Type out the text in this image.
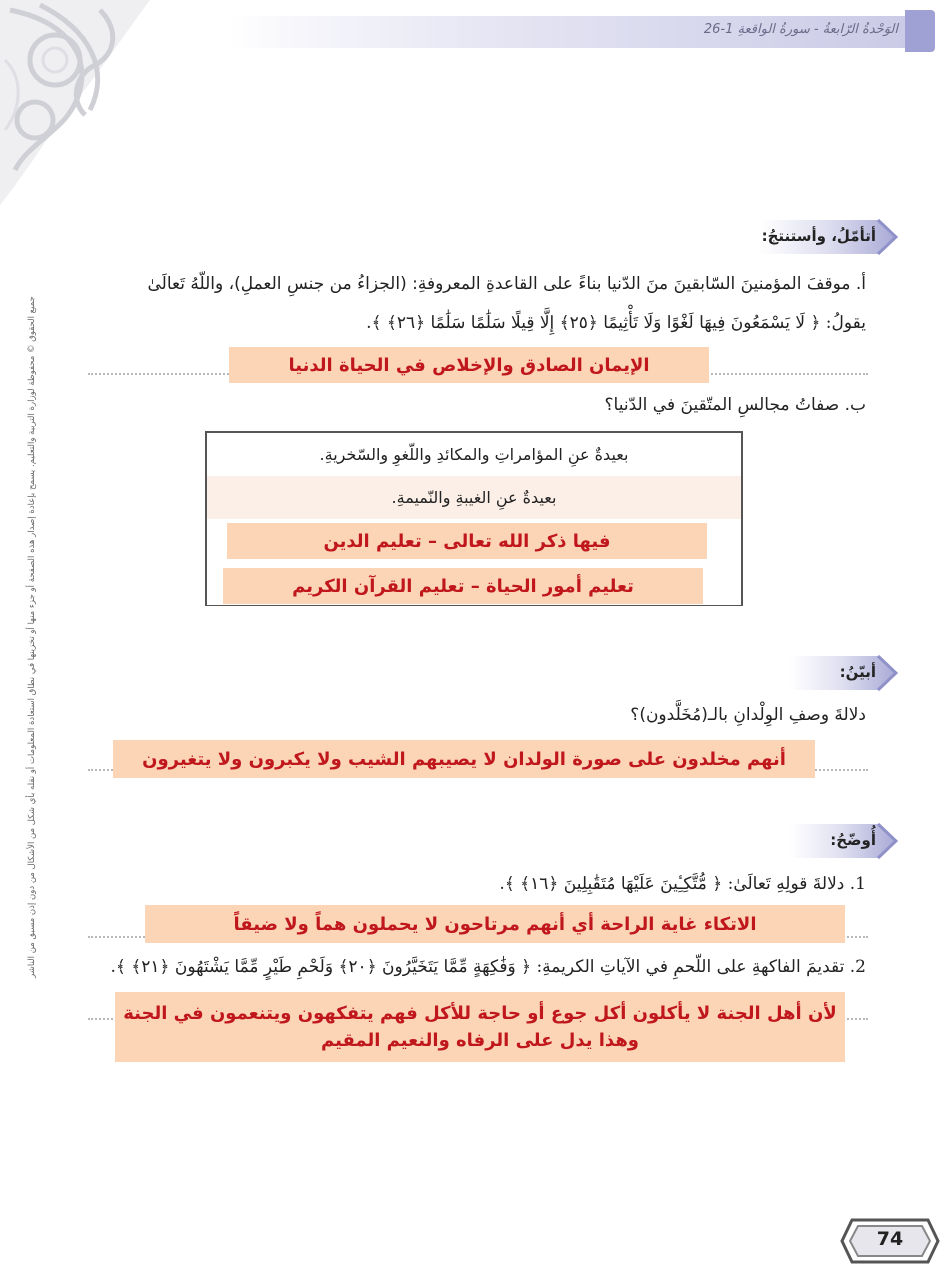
الوَحْدةُ الرّابعةُ - سورةُ الواقعةِ 1-26
جميع الحقوق © محفوظة لوزارة التربية والتعليم. يسمح بإعادة إصدار هذه الصفحة أو جزء منها أو تخزينها في نطاق استعادة المعلومات أو نقله بأي شكل من الأشكال من دون إذن مسبق من الناشر
أتأمّلُ، وأستنتجُ:
أ. موقفَ المؤمنينَ السّابقينَ منَ الدّنيا بناءً على القاعدةِ المعروفةِ: (الجزاءُ من جنسِ العملِ)، واللّهُ تَعالَىٰ
يقولُ: ﴿ لَا يَسْمَعُونَ فِيهَا لَغْوًا وَلَا تَأْثِيمًا ﴿٢٥﴾ إِلَّا قِيلًا سَلَٰمًا سَلَٰمًا ﴿٢٦﴾ ﴾.
الإيمان الصادق والإخلاص في الحياة الدنيا
ب. صفاتُ مجالسِ المتّقينَ في الدّنيا؟
بعيدةٌ عنِ المؤامراتِ والمكائدِ واللّغوِ والسّخريةِ.
بعيدةٌ عنِ الغيبةِ والنّميمةِ.
فيها ذكر الله تعالى – تعليم الدين
تعليم أمور الحياة – تعليم القرآن الكريم
أبيّنُ:
دلالةَ وصفِ الوِلْدانِ بالـ(مُخَلَّدون)؟
أنهم مخلدون على صورة الولدان لا يصيبهم الشيب ولا يكبرون ولا يتغيرون
أُوضّحُ:
1. دلالةَ قولِهِ تَعالَىٰ: ﴿ مُّتَّكِـِٔينَ عَلَيْهَا مُتَقَٰبِلِينَ ﴿١٦﴾ ﴾.
الاتكاء غاية الراحة أي أنهم مرتاحون لا يحملون هماً ولا ضيقاً
2. تقديمَ الفاكهةِ على اللّحمِ في الآياتِ الكريمةِ: ﴿ وَفَٰكِهَةٍ مِّمَّا يَتَخَيَّرُونَ ﴿٢٠﴾ وَلَحْمِ طَيْرٍ مِّمَّا يَشْتَهُونَ ﴿٢١﴾ ﴾.
لأن أهل الجنة لا يأكلون أكل جوع أو حاجة للأكل فهم يتفكهون ويتنعمون في الجنة
وهذا يدل على الرفاه والنعيم المقيم
74
